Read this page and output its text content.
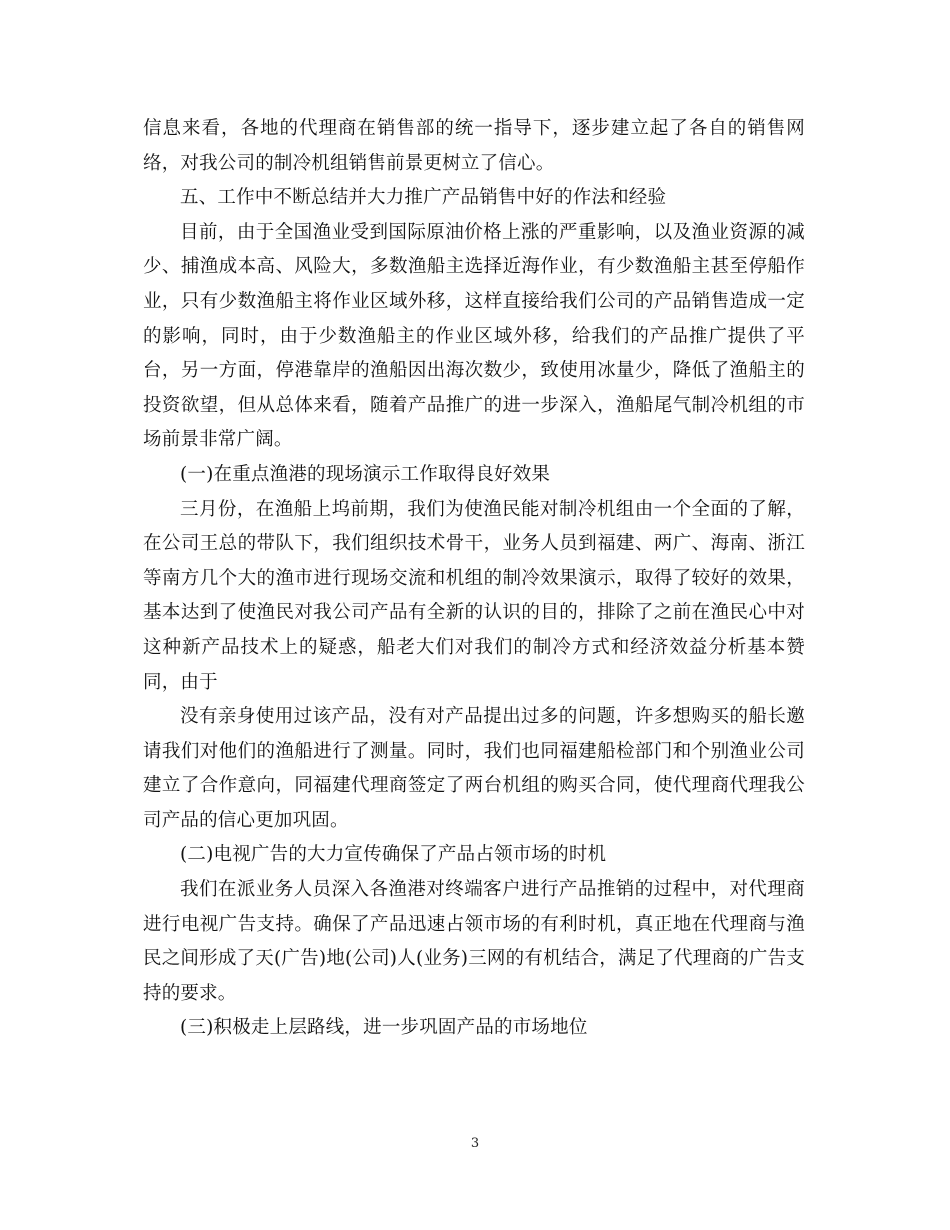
信息来看，各地的代理商在销售部的统一指导下，逐步建立起了各自的销售网络，对我公司的制冷机组销售前景更树立了信心。

五、工作中不断总结并大力推广产品销售中好的作法和经验

目前，由于全国渔业受到国际原油价格上涨的严重影响，以及渔业资源的减少、捕渔成本高、风险大，多数渔船主选择近海作业，有少数渔船主甚至停船作业，只有少数渔船主将作业区域外移，这样直接给我们公司的产品销售造成一定的影响，同时，由于少数渔船主的作业区域外移，给我们的产品推广提供了平台，另一方面，停港靠岸的渔船因出海次数少，致使用冰量少，降低了渔船主的投资欲望，但从总体来看，随着产品推广的进一步深入，渔船尾气制冷机组的市场前景非常广阔。

(一)在重点渔港的现场演示工作取得良好效果

三月份，在渔船上坞前期，我们为使渔民能对制冷机组由一个全面的了解，在公司王总的带队下，我们组织技术骨干，业务人员到福建、两广、海南、浙江等南方几个大的渔市进行现场交流和机组的制冷效果演示，取得了较好的效果，基本达到了使渔民对我公司产品有全新的认识的目的，排除了之前在渔民心中对这种新产品技术上的疑惑，船老大们对我们的制冷方式和经济效益分析基本赞同，由于

没有亲身使用过该产品，没有对产品提出过多的问题，许多想购买的船长邀请我们对他们的渔船进行了测量。同时，我们也同福建船检部门和个别渔业公司建立了合作意向，同福建代理商签定了两台机组的购买合同，使代理商代理我公司产品的信心更加巩固。

(二)电视广告的大力宣传确保了产品占领市场的时机

我们在派业务人员深入各渔港对终端客户进行产品推销的过程中，对代理商进行电视广告支持。确保了产品迅速占领市场的有利时机，真正地在代理商与渔民之间形成了天(广告)地(公司)人(业务)三网的有机结合，满足了代理商的广告支持的要求。

(三)积极走上层路线，进一步巩固产品的市场地位

3
